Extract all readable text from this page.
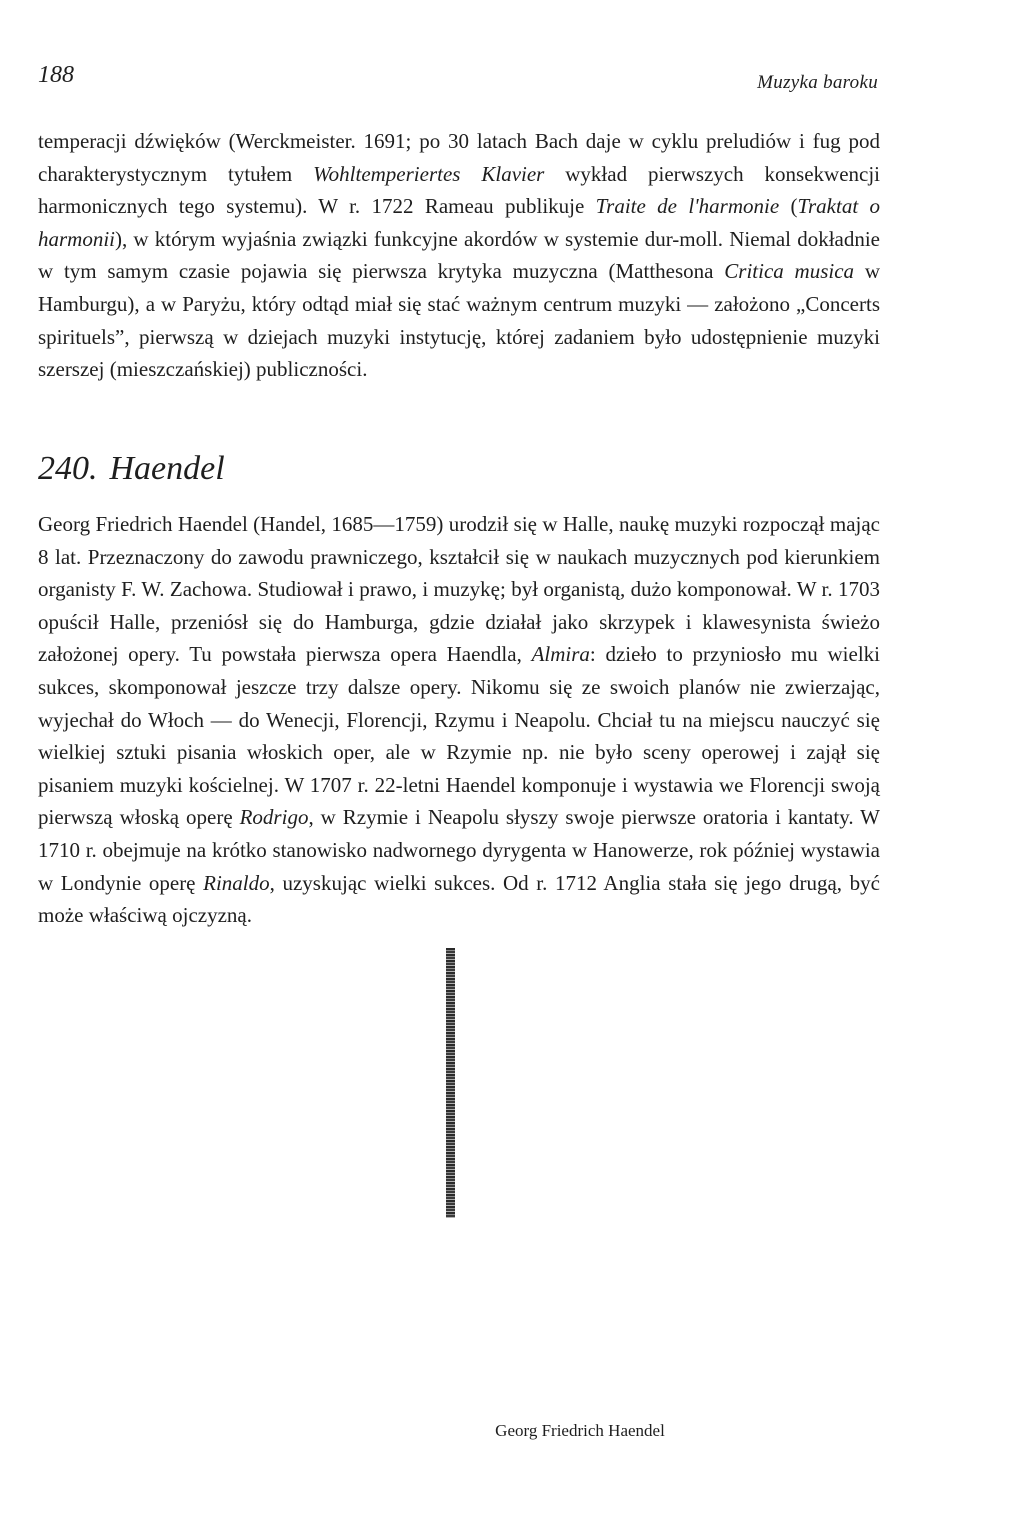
188	Muzyka baroku

temperacji dźwięków (Werckmeister. 1691; po 30 latach Bach daje w cyklu preludiów i fug pod charakterystycznym tytułem Wohltemperiertes Klavier wykład pierwszych konsekwencji harmonicznych tego systemu). W r. 1722 Rameau publikuje Traite de l'harmonie (Traktat o harmonii), w którym wyjaśnia związki funkcyjne akordów w systemie dur-moll. Niemal dokładnie w tym samym czasie pojawia się pierwsza krytyka muzyczna (Matthesona Critica musica w Hamburgu), a w Paryżu, który odtąd miał się stać ważnym centrum muzyki — założono „Concerts spirituels”, pierwszą w dziejach muzyki instytucję, której zadaniem było udostępnienie muzyki szerszej (mieszczańskiej) publiczności.

240. Haendel

Georg Friedrich Haendel (Handel, 1685—1759) urodził się w Halle, naukę muzyki rozpoczął mając 8 lat. Przeznaczony do zawodu prawniczego, kształcił się w naukach muzycznych pod kierunkiem organisty F. W. Zachowa. Studiował i prawo, i muzykę; był organistą, dużo komponował. W r. 1703 opuścił Halle, przeniósł się do Hamburga, gdzie działał jako skrzypek i klawesynista świeżo założonej opery. Tu powstała pierwsza opera Haendla, Almira: dzieło to przyniosło mu wielki sukces, skomponował jeszcze trzy dalsze opery. Nikomu się ze swoich planów nie zwierzając, wyjechał do Włoch — do Wenecji, Florencji, Rzymu i Neapolu. Chciał tu na miejscu nauczyć się wielkiej sztuki pisania włoskich oper, ale w Rzymie np. nie było sceny operowej i zajął się pisaniem muzyki kościelnej. W 1707 r. 22-letni Haendel komponuje i wystawia we Florencji swoją pierwszą włoską operę Rodrigo, w Rzymie i Neapolu słyszy swoje pierwsze oratoria i kantaty. W 1710 r. obejmuje na krótko stanowisko nadwornego dyrygenta w Hanowerze, rok później wystawia w Londynie operę Rinaldo, uzyskując wielki sukces. Od r. 1712 Anglia stała się jego drugą, być może właściwą ojczyzną.

Georg Friedrich Haendel
